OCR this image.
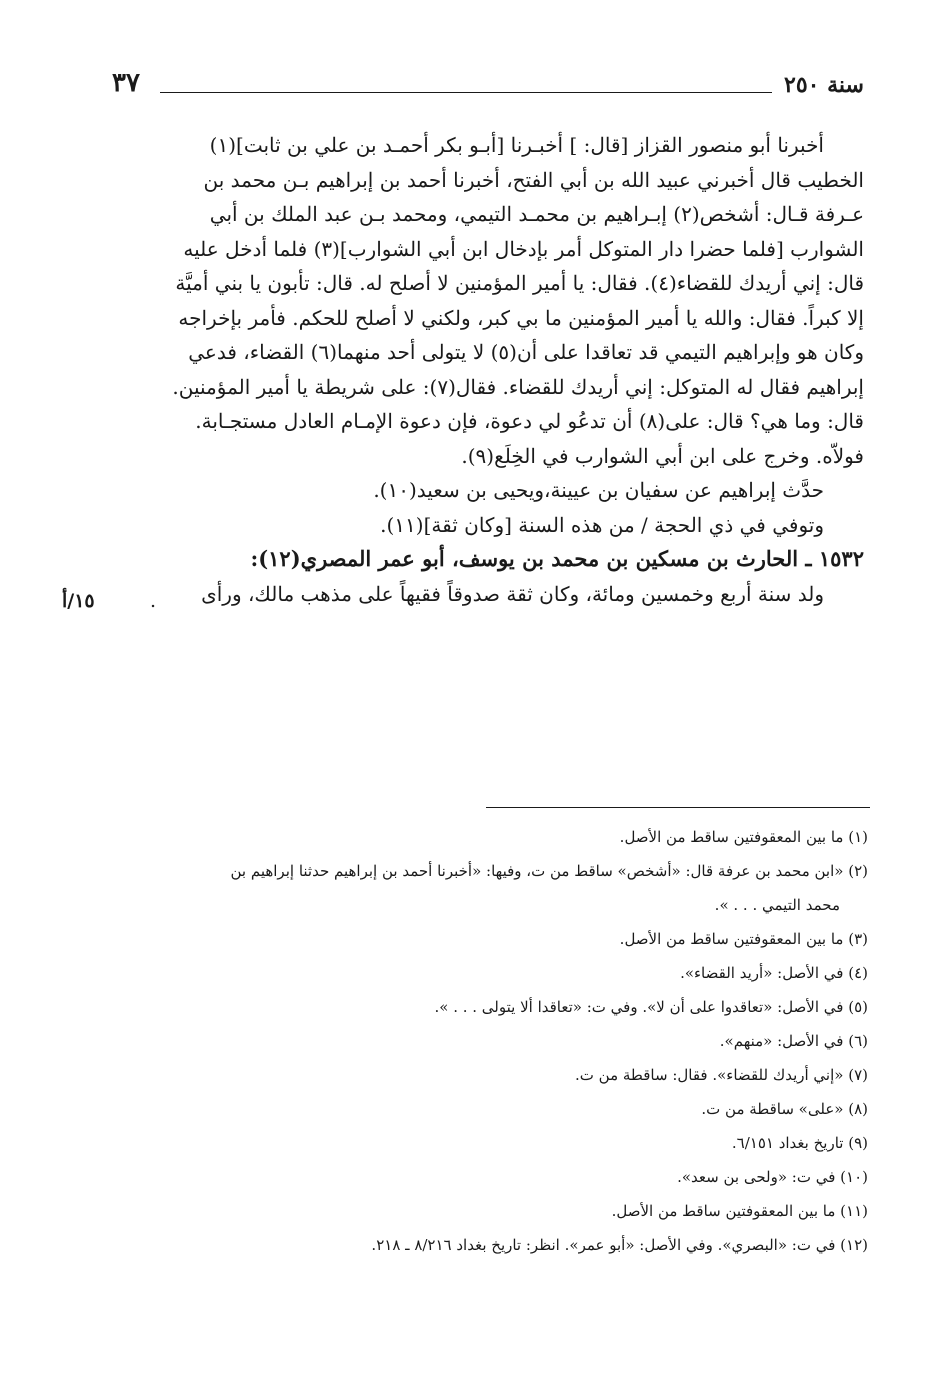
سنة ٢٥٠
٣٧

أخبرنا أبو منصور القزاز [قال: ] أخبـرنا [أبـو بكر أحمـد بن علي بن ثابت](١)

الخطيب قال أخبرني عبيد الله بن أبي الفتح، أخبرنا أحمد بن إبراهيم بـن محمد بن

عـرفة قـال: أشخص(٢) إبـراهيم بن محمـد التيمي، ومحمد بـن عبد الملك بن أبي

الشوارب [فلما حضرا دار المتوكل أمر بإدخال ابن أبي الشوارب](٣) فلما أدخل عليه

قال: إني أريدك للقضاء(٤). فقال: يا أمير المؤمنين لا أصلح له. قال: تأبون يا بني أميَّة

إلا كبراً. فقال: والله يا أمير المؤمنين ما بي كبر، ولكني لا أصلح للحكم. فأمر بإخراجه

وكان هو وإبراهيم التيمي قد تعاقدا على أن(٥) لا يتولى أحد منهما(٦) القضاء، فدعي

إبراهيم فقال له المتوكل: إني أريدك للقضاء. فقال(٧): على شريطة يا أمير المؤمنين.

قال: وما هي؟ قال: على(٨) أن تدعُو لي دعوة، فإن دعوة الإمـام العادل مستجـابة.

فولاّه. وخرج على ابن أبي الشوارب في الخِلَع(٩).

حدَّث إبراهيم عن سفيان بن عيينة،ويحيى بن سعيد(١٠).

وتوفي في ذي الحجة / من هذه السنة [وكان ثقة](١١).

١٥٣٢ ـ الحارث بن مسكين بن محمد بن يوسف، أبو عمر المصري(١٢):

ولد سنة أربع وخمسين ومائة، وكان ثقة صدوقاً فقيهاً على مذهب مالك، ورأى

.
١٥/أ
(١) ما بين المعقوفتين ساقط من الأصل.
(٢) «ابن محمد بن عرفة قال: «أشخص» ساقط من ت، وفيها: «أخبرنا أحمد بن إبراهيم حدثنا إبراهيم بن
محمد التيمي . . . ».
(٣) ما بين المعقوفتين ساقط من الأصل.
(٤) في الأصل: «أريد القضاء».
(٥) في الأصل: «تعاقدوا على أن لا». وفي ت: «تعاقدا ألا يتولى . . . ».
(٦) في الأصل: «منهم».
(٧) «إني أريدك للقضاء». فقال: ساقطة من ت.
(٨) «على» ساقطة من ت.
(٩) تاريخ بغداد ٦/١٥١.
(١٠) في ت: «ولحى بن سعد».
(١١) ما بين المعقوفتين ساقط من الأصل.
(١٢) في ت: «البصري». وفي الأصل: «أبو عمر». انظر: تاريخ بغداد ٨/٢١٦ ـ ٢١٨.
